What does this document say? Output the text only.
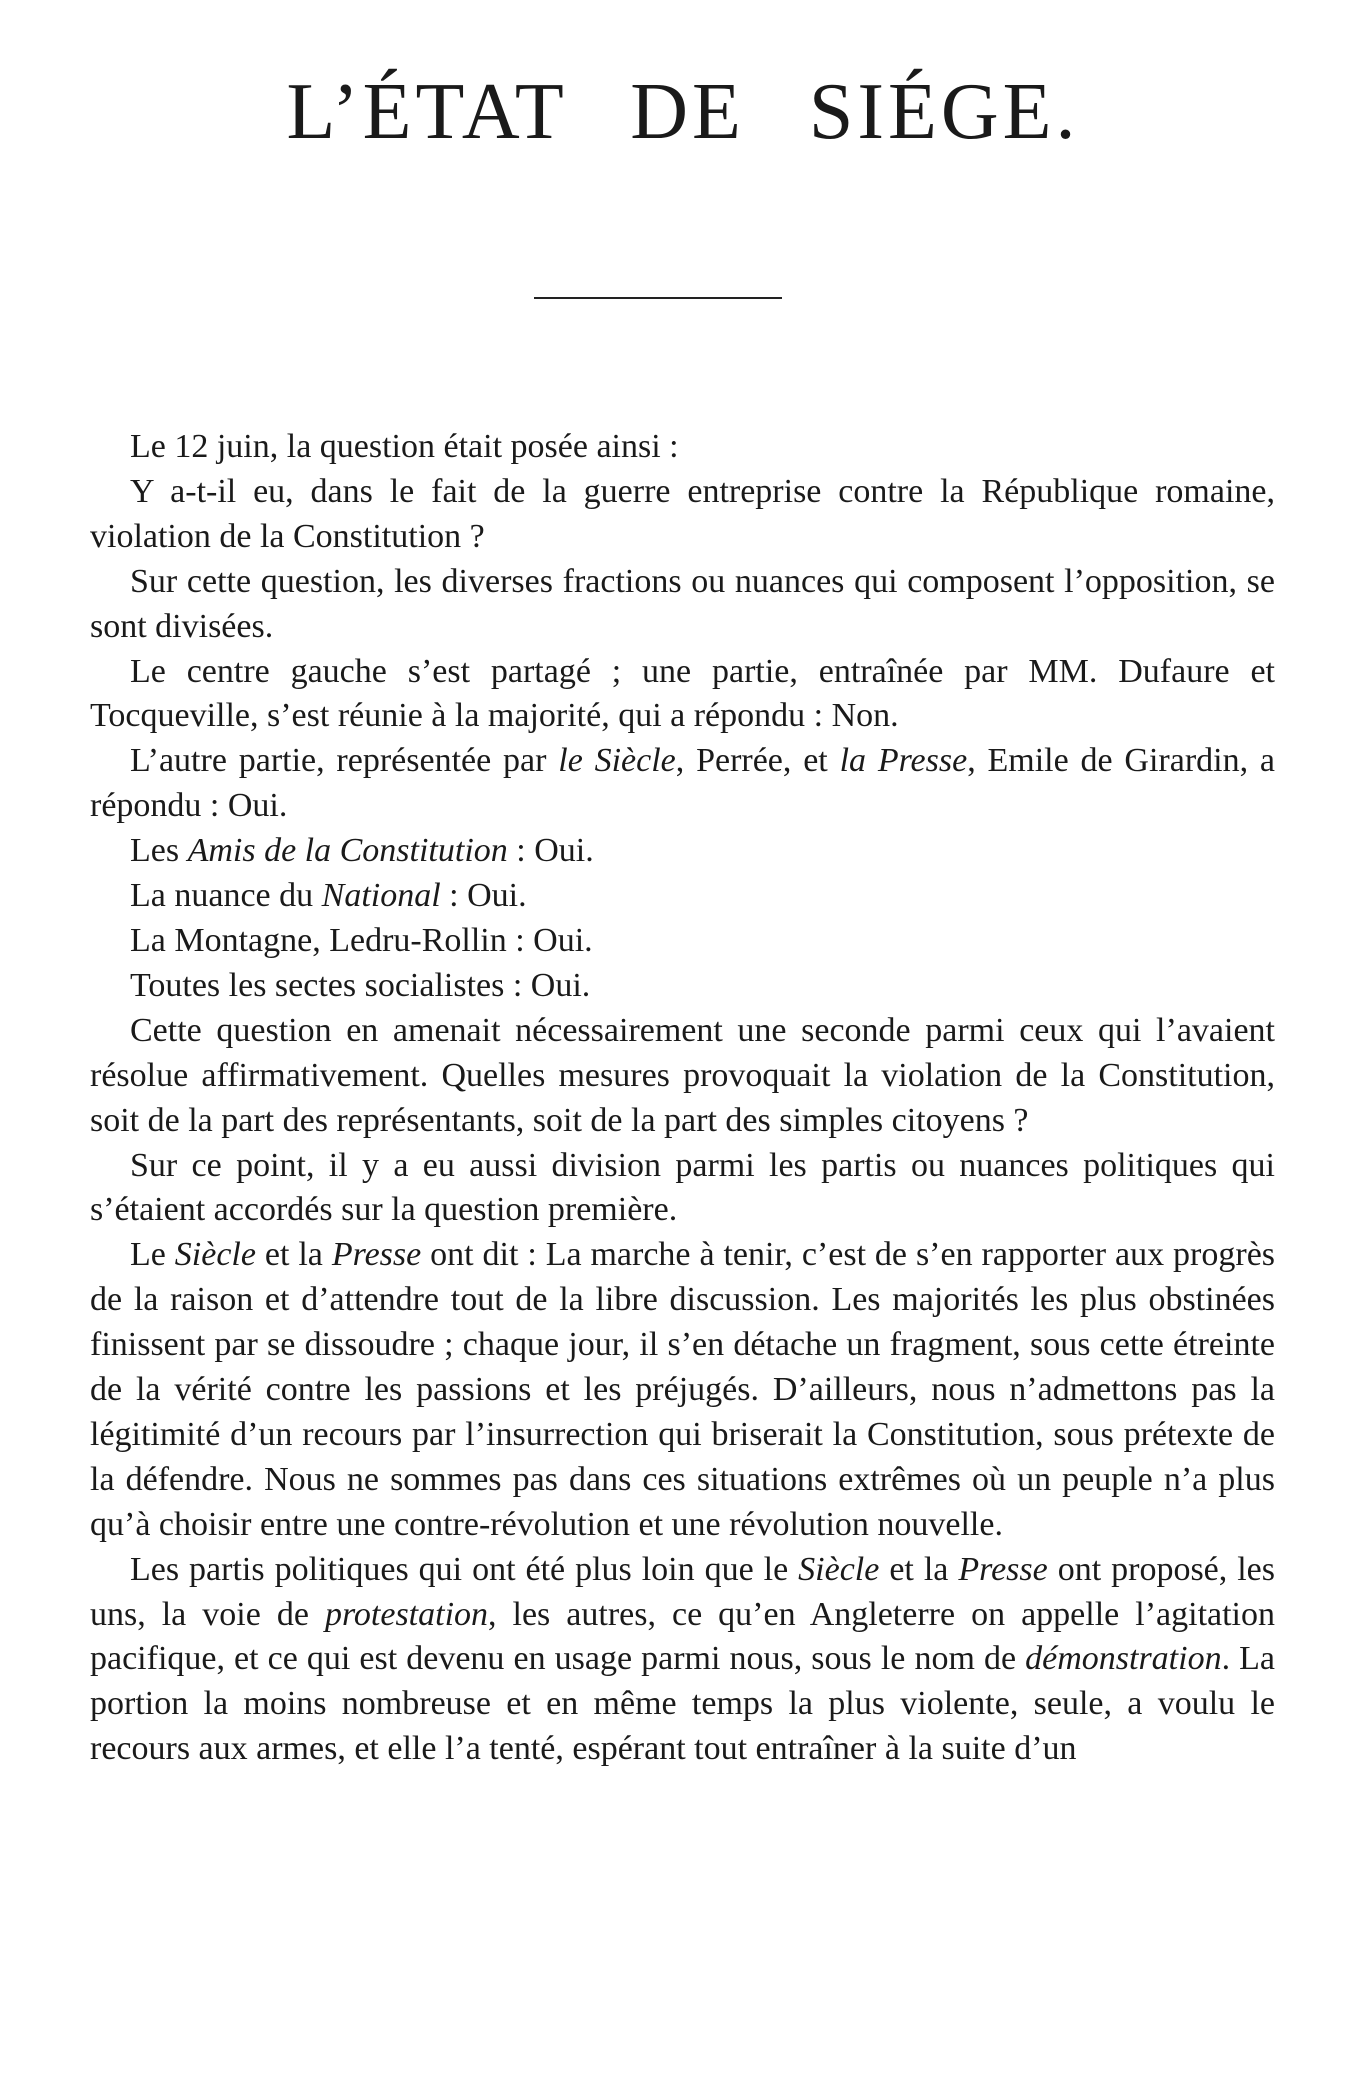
L’ÉTAT DE SIÉGE.

Le 12 juin, la question était posée ainsi :

Y a-t-il eu, dans le fait de la guerre entreprise contre la République romaine, violation de la Constitution ?

Sur cette question, les diverses fractions ou nuances qui composent l’opposition, se sont divisées.

Le centre gauche s’est partagé ; une partie, entraînée par MM. Dufaure et Tocqueville, s’est réunie à la majorité, qui a répondu : Non.

L’autre partie, représentée par le Siècle, Perrée, et la Presse, Emile de Girardin, a répondu : Oui.

Les Amis de la Constitution : Oui.

La nuance du National : Oui.

La Montagne, Ledru-Rollin : Oui.

Toutes les sectes socialistes : Oui.

Cette question en amenait nécessairement une seconde parmi ceux qui l’avaient résolue affirmativement. Quelles mesures provoquait la violation de la Constitution, soit de la part des représentants, soit de la part des simples citoyens ?

Sur ce point, il y a eu aussi division parmi les partis ou nuances politiques qui s’étaient accordés sur la question première.

Le Siècle et la Presse ont dit : La marche à tenir, c’est de s’en rapporter aux progrès de la raison et d’attendre tout de la libre discussion. Les majorités les plus obstinées finissent par se dissoudre ; chaque jour, il s’en détache un fragment, sous cette étreinte de la vérité contre les passions et les préjugés. D’ailleurs, nous n’admettons pas la légitimité d’un recours par l’insurrection qui briserait la Constitution, sous prétexte de la défendre. Nous ne sommes pas dans ces situations extrêmes où un peuple n’a plus qu’à choisir entre une contre-révolution et une révolution nouvelle.

Les partis politiques qui ont été plus loin que le Siècle et la Presse ont proposé, les uns, la voie de protestation, les autres, ce qu’en Angleterre on appelle l’agitation pacifique, et ce qui est devenu en usage parmi nous, sous le nom de démonstration. La portion la moins nombreuse et en même temps la plus violente, seule, a voulu le recours aux armes, et elle l’a tenté, espérant tout entraîner à la suite d’un
